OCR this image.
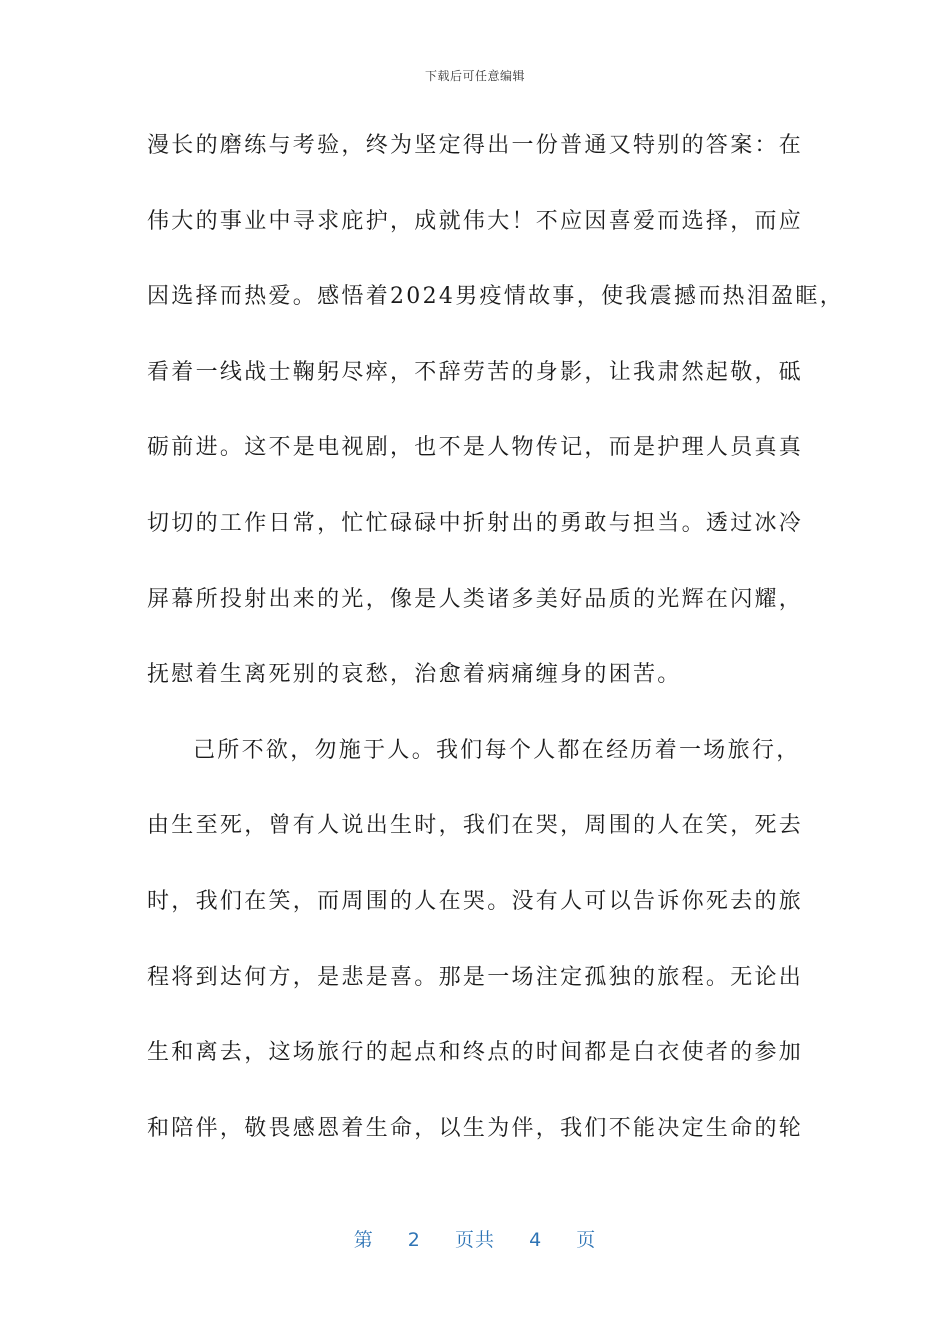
下载后可任意编辑
漫长的磨练与考验，终为坚定得出一份普通又特别的答案：在
伟大的事业中寻求庇护，成就伟大！不应因喜爱而选择，而应
因选择而热爱。感悟着2024男疫情故事，使我震撼而热泪盈眶，
看着一线战士鞠躬尽瘁，不辞劳苦的身影，让我肃然起敬，砥
砺前进。这不是电视剧，也不是人物传记，而是护理人员真真
切切的工作日常，忙忙碌碌中折射出的勇敢与担当。透过冰冷
屏幕所投射出来的光，像是人类诸多美好品质的光辉在闪耀，
抚慰着生离死别的哀愁，治愈着病痛缠身的困苦。
己所不欲，勿施于人。我们每个人都在经历着一场旅行，
由生至死，曾有人说出生时，我们在哭，周围的人在笑，死去
时，我们在笑，而周围的人在哭。没有人可以告诉你死去的旅
程将到达何方，是悲是喜。那是一场注定孤独的旅程。无论出
生和离去，这场旅行的起点和终点的时间都是白衣使者的参加
和陪伴，敬畏感恩着生命，以生为伴，我们不能决定生命的轮
第 2 页共 4 页
